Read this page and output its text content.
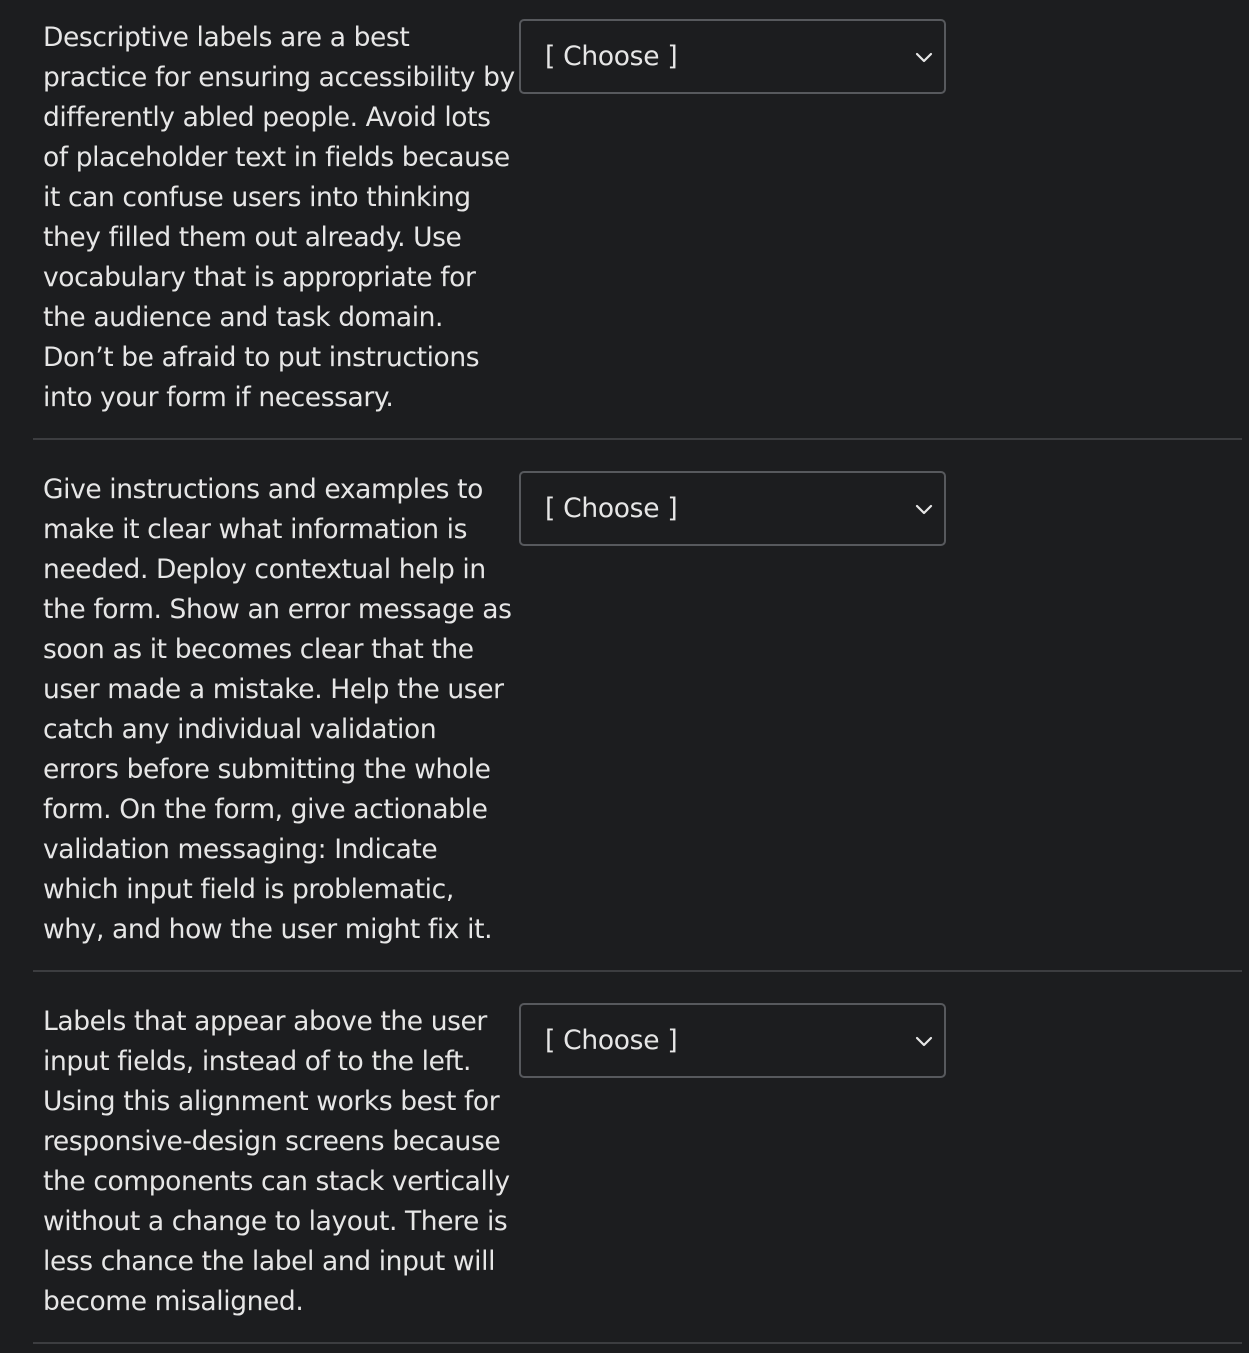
Descriptive labels are a best practice for ensuring accessibility by differently abled people. Avoid lots of placeholder text in fields because it can confuse users into thinking they filled them out already. Use vocabulary that is appropriate for the audience and task domain. Don’t be afraid to put instructions into your form if necessary.

[ Choose ]

Give instructions and examples to make it clear what information is needed. Deploy contextual help in the form. Show an error message as soon as it becomes clear that the user made a mistake. Help the user catch any individual validation errors before submitting the whole form. On the form, give actionable validation messaging: Indicate which input field is problematic, why, and how the user might fix it.

[ Choose ]

Labels that appear above the user input fields, instead of to the left. Using this alignment works best for responsive-design screens because the components can stack vertically without a change to layout. There is less chance the label and input will become misaligned.

[ Choose ]
